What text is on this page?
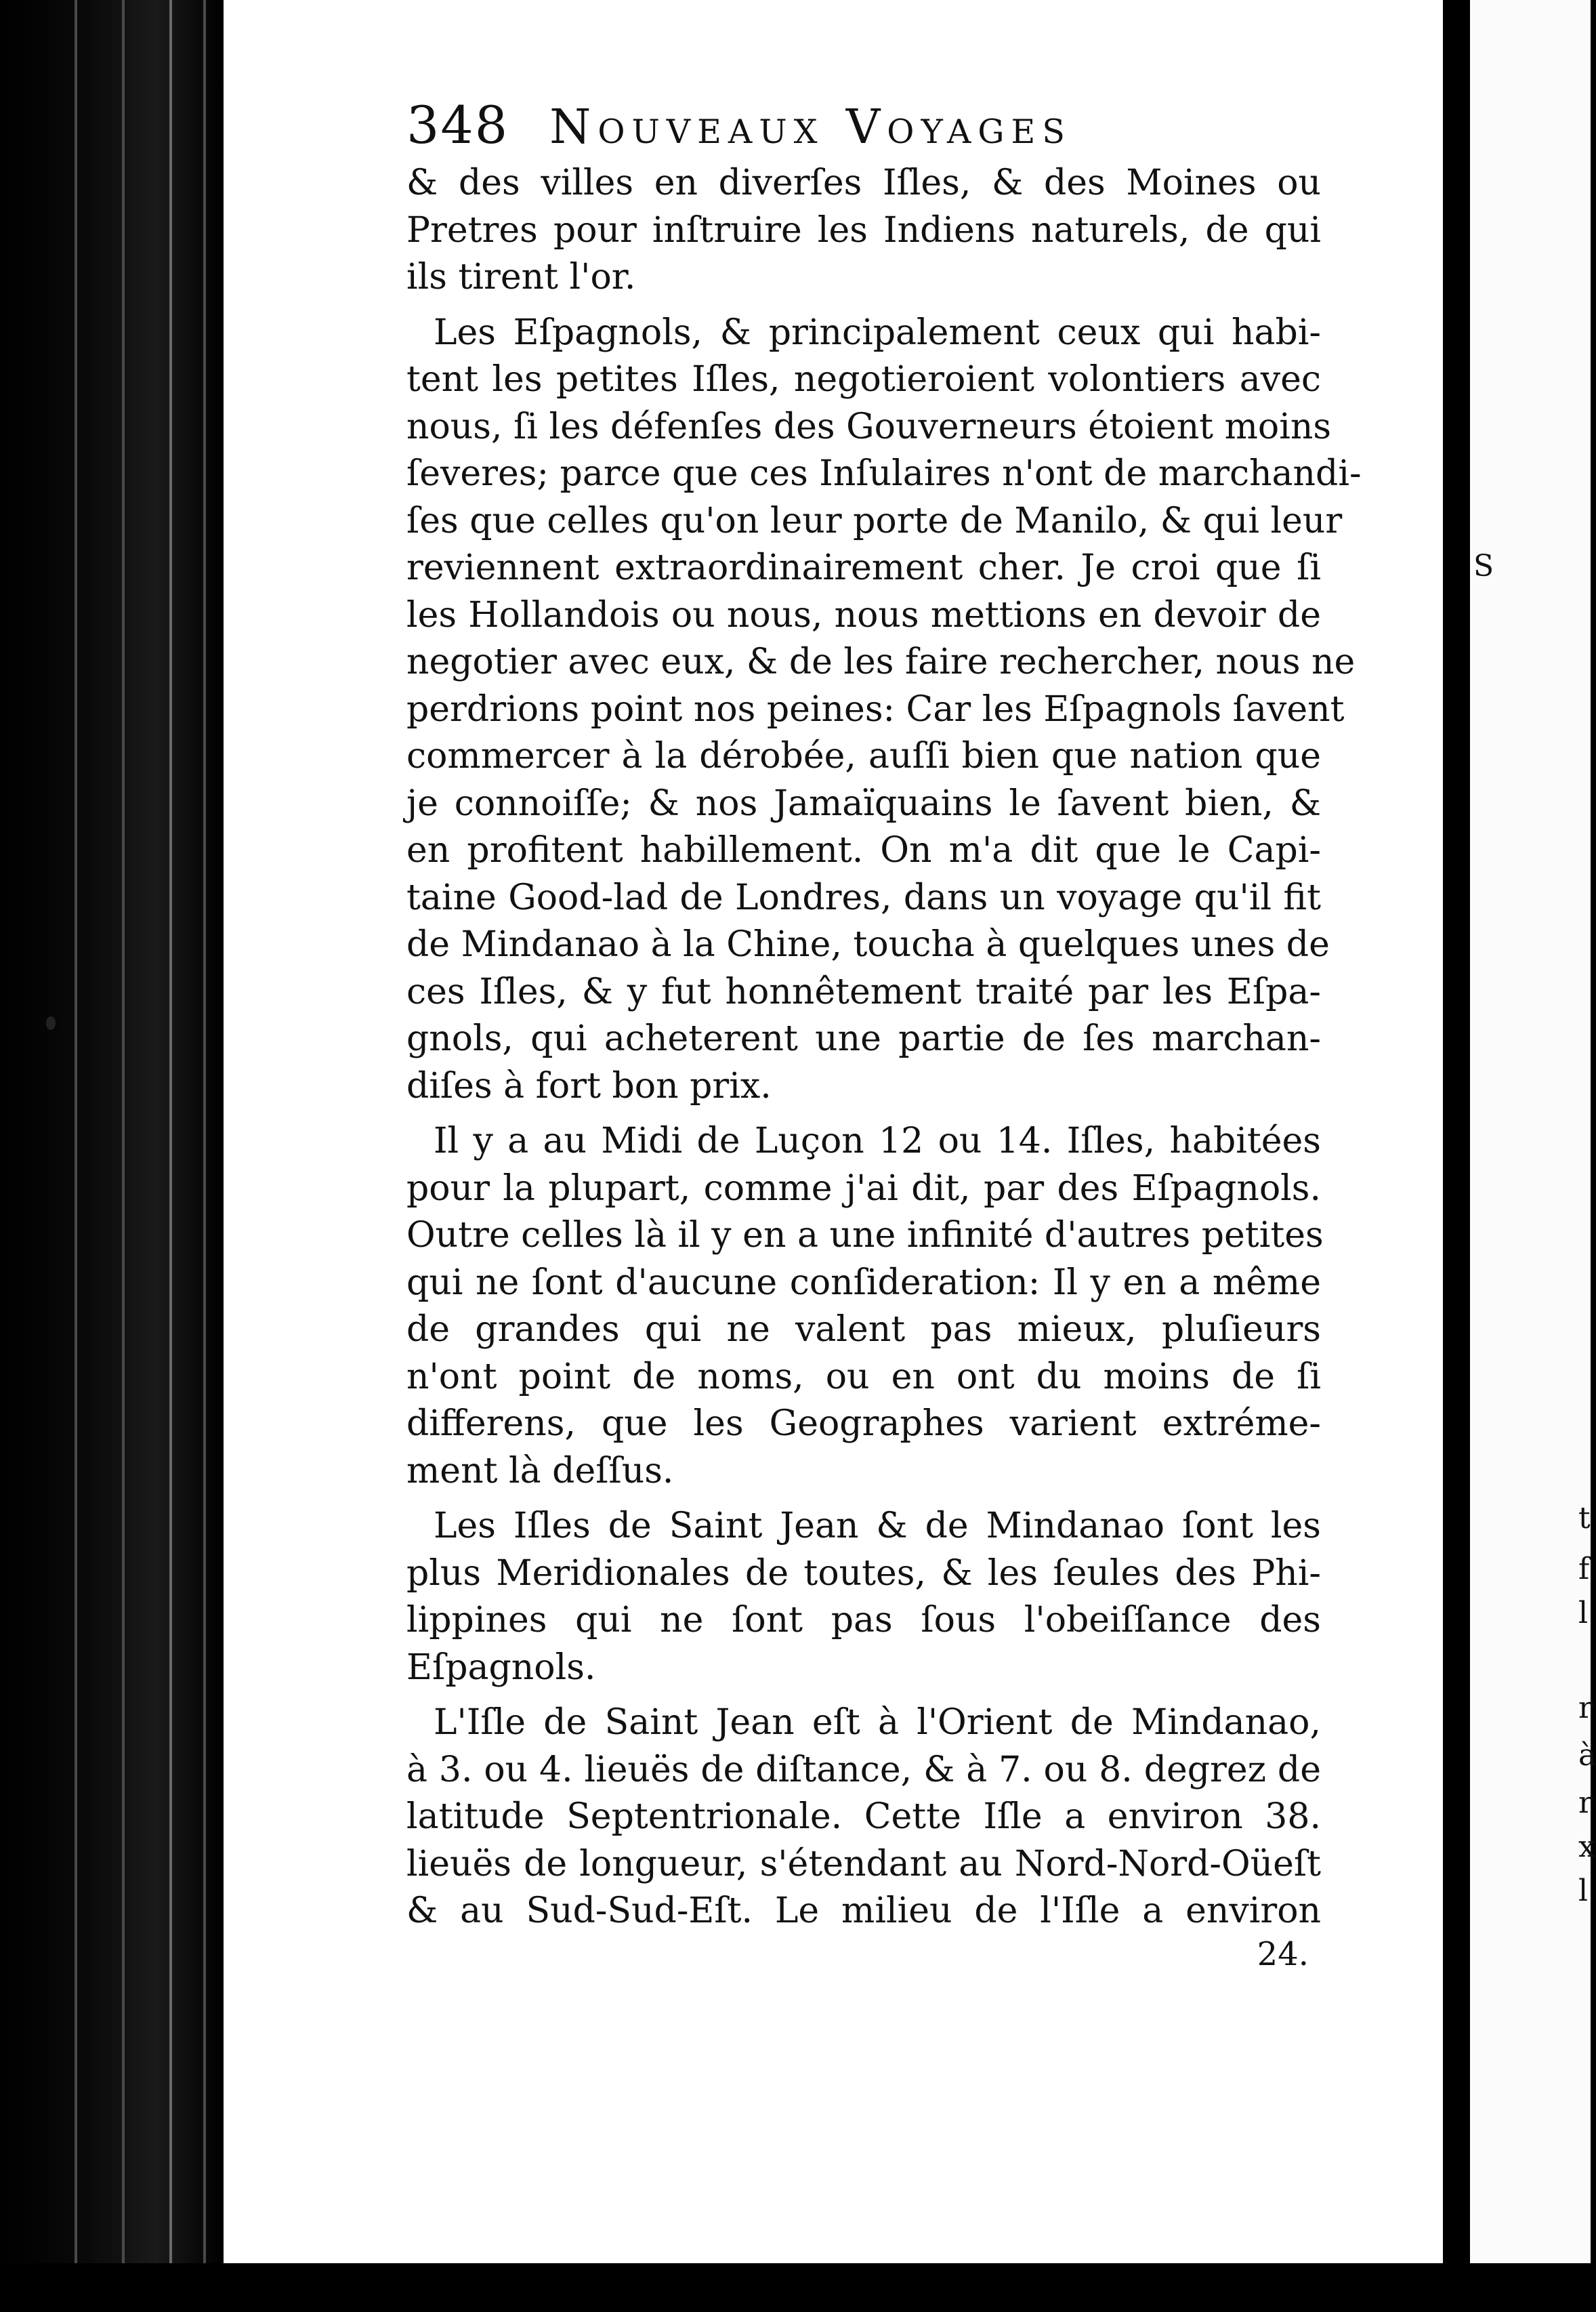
S
t
f
l
r
à
r
x
l
348 Nouveaux Voyages
& des villes en diverſes Iſles, & des Moines ou
Pretres pour inſtruire les Indiens naturels, de qui
ils tirent l'or.
Les Eſpagnols, & principalement ceux qui habi-
tent les petites Iſles, negotieroient volontiers avec
nous, ſi les défenſes des Gouverneurs étoient moins
ſeveres; parce que ces Inſulaires n'ont de marchandi-
ſes que celles qu'on leur porte de Manilo, & qui leur
reviennent extraordinairement cher. Je croi que ſi
les Hollandois ou nous, nous mettions en devoir de
negotier avec eux, & de les faire rechercher, nous ne
perdrions point nos peines: Car les Eſpagnols ſavent
commercer à la dérobée, auſſi bien que nation que
je connoiſſe; & nos Jamaïquains le ſavent bien, &
en profitent habillement. On m'a dit que le Capi-
taine Good-lad de Londres, dans un voyage qu'il fit
de Mindanao à la Chine, toucha à quelques unes de
ces Iſles, & y fut honnêtement traité par les Eſpa-
gnols, qui acheterent une partie de ſes marchan-
diſes à fort bon prix.
Il y a au Midi de Luçon 12 ou 14. Iſles, habitées
pour la plupart, comme j'ai dit, par des Eſpagnols.
Outre celles là il y en a une infinité d'autres petites
qui ne ſont d'aucune conſideration: Il y en a même
de grandes qui ne valent pas mieux, pluſieurs
n'ont point de noms, ou en ont du moins de ſi
differens, que les Geographes varient extréme-
ment là deſſus.
Les Iſles de Saint Jean & de Mindanao ſont les
plus Meridionales de toutes, & les ſeules des Phi-
lippines qui ne ſont pas ſous l'obeiſſance des
Eſpagnols.
L'Iſle de Saint Jean eſt à l'Orient de Mindanao,
à 3. ou 4. lieuës de diſtance, & à 7. ou 8. degrez de
latitude Septentrionale. Cette Iſle a environ 38.
lieuës de longueur, s'étendant au Nord-Nord-Oüeſt
& au Sud-Sud-Eſt. Le milieu de l'Iſle a environ
24.
